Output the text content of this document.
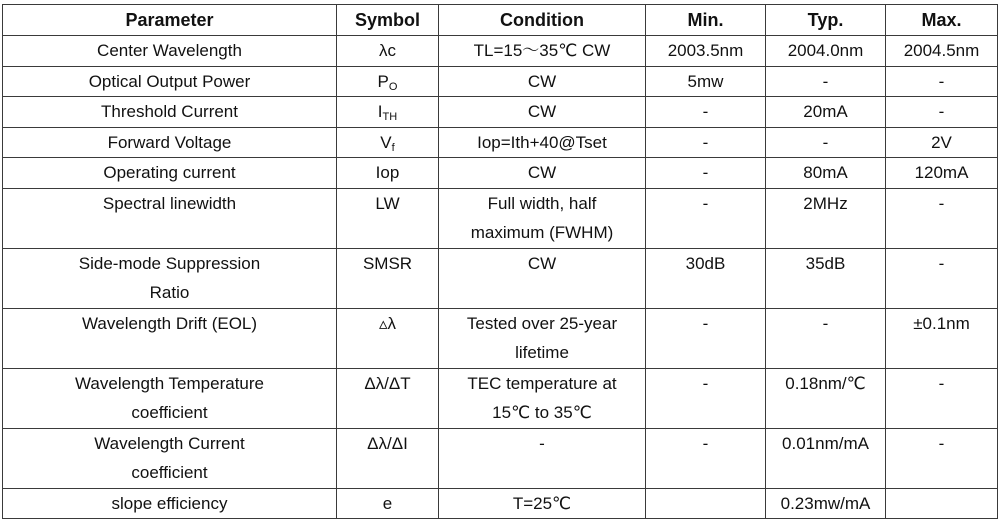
Parameter	Symbol	Condition	Min.	Typ.	Max.
Center Wavelength	λc	TL=15～35℃ CW	2003.5nm	2004.0nm	2004.5nm
Optical Output Power	$P_O$	CW	5mw	-	-
Threshold Current	$I_{TH}$	CW	-	20mA	-
Forward Voltage	$V_f$	Iop=Ith+40@Tset	-	-	2V
Operating current	Iop	CW	-	80mA	120mA
Spectral linewidth	LW	Full width, half maximum (FWHM)	-	2MHz	-
Side-mode Suppression Ratio	SMSR	CW	30dB	35dB	-
Wavelength Drift (EOL)	▵λ	Tested over 25-year lifetime	-	-	±0.1nm
Wavelength Temperature coefficient	Δλ/ΔT	TEC temperature at 15℃ to 35℃	-	0.18nm/℃	-
Wavelength Current coefficient	Δλ/ΔI	-	-	0.01nm/mA	-
slope efficiency	e	T=25℃		0.23mw/mA	
